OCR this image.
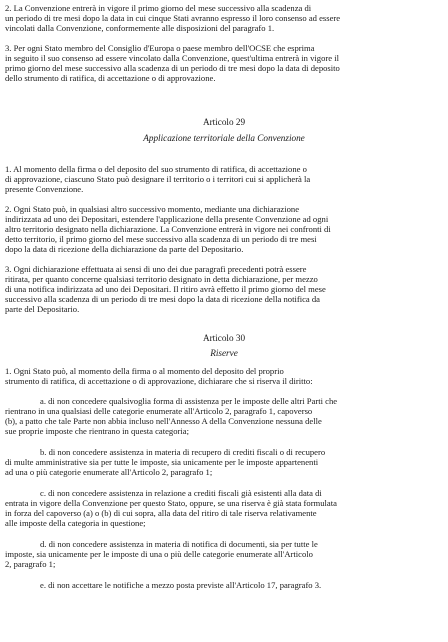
2. La Convenzione entrerà in vigore il primo giorno del mese successivo alla scadenza di
un periodo di tre mesi dopo la data in cui cinque Stati avranno espresso il loro consenso ad essere
vincolati dalla Convenzione, conformemente alle disposizioni del paragrafo 1.
3. Per ogni Stato membro del Consiglio d'Europa o paese membro dell'OCSE che esprima
in seguito il suo consenso ad essere vincolato dalla Convenzione, quest'ultima entrerà in vigore il
primo giorno del mese successivo alla scadenza di un periodo di tre mesi dopo la data di deposito
dello strumento di ratifica, di accettazione o di approvazione.
Articolo 29
Applicazione territoriale della Convenzione
1. Al momento della firma o del deposito del suo strumento di ratifica, di accettazione o
di approvazione, ciascuno Stato può designare il territorio o i territori cui si applicherà la
presente Convenzione.
2. Ogni Stato può, in qualsiasi altro successivo momento, mediante una dichiarazione
indirizzata ad uno dei Depositari, estendere l'applicazione della presente Convenzione ad ogni
altro territorio designato nella dichiarazione. La Convenzione entrerà in vigore nei confronti di
detto territorio, il primo giorno del mese successivo alla scadenza di un periodo di tre mesi
dopo la data di ricezione della dichiarazione da parte del Depositario.
3. Ogni dichiarazione effettuata ai sensi di uno dei due paragrafi precedenti potrà essere
ritirata, per quanto concerne qualsiasi territorio designato in detta dichiarazione, per mezzo
di una notifica indirizzata ad uno dei Depositari. Il ritiro avrà effetto il primo giorno del mese
successivo alla scadenza di un periodo di tre mesi dopo la data di ricezione della notifica da
parte del Depositario.
Articolo 30
Riserve
1. Ogni Stato può, al momento della firma o al momento del deposito del proprio
strumento di ratifica, di accettazione o di approvazione, dichiarare che si riserva il diritto:
a. di non concedere qualsivoglia forma di assistenza per le imposte delle altri Parti che
rientrano in una qualsiasi delle categorie enumerate all'Articolo 2, paragrafo 1, capoverso
(b), a patto che tale Parte non abbia incluso nell'Annesso A della Convenzione nessuna delle
sue proprie imposte che rientrano in questa categoria;
b. di non concedere assistenza in materia di recupero di crediti fiscali o di recupero
di multe amministrative sia per tutte le imposte, sia unicamente per le imposte appartenenti
ad una o più categorie enumerate all'Articolo 2, paragrafo 1;
c. di non concedere assistenza in relazione a crediti fiscali già esistenti alla data di
entrata in vigore della Convenzione per questo Stato, oppure, se una riserva è già stata formulata
in forza del capoverso (a) o (b) di cui sopra, alla data del ritiro di tale riserva relativamente
alle imposte della categoria in questione;
d. di non concedere assistenza in materia di notifica di documenti, sia per tutte le
imposte, sia unicamente per le imposte di una o più delle categorie enumerate all'Articolo
2, paragrafo 1;
e. di non accettare le notifiche a mezzo posta previste all'Articolo 17, paragrafo 3.
